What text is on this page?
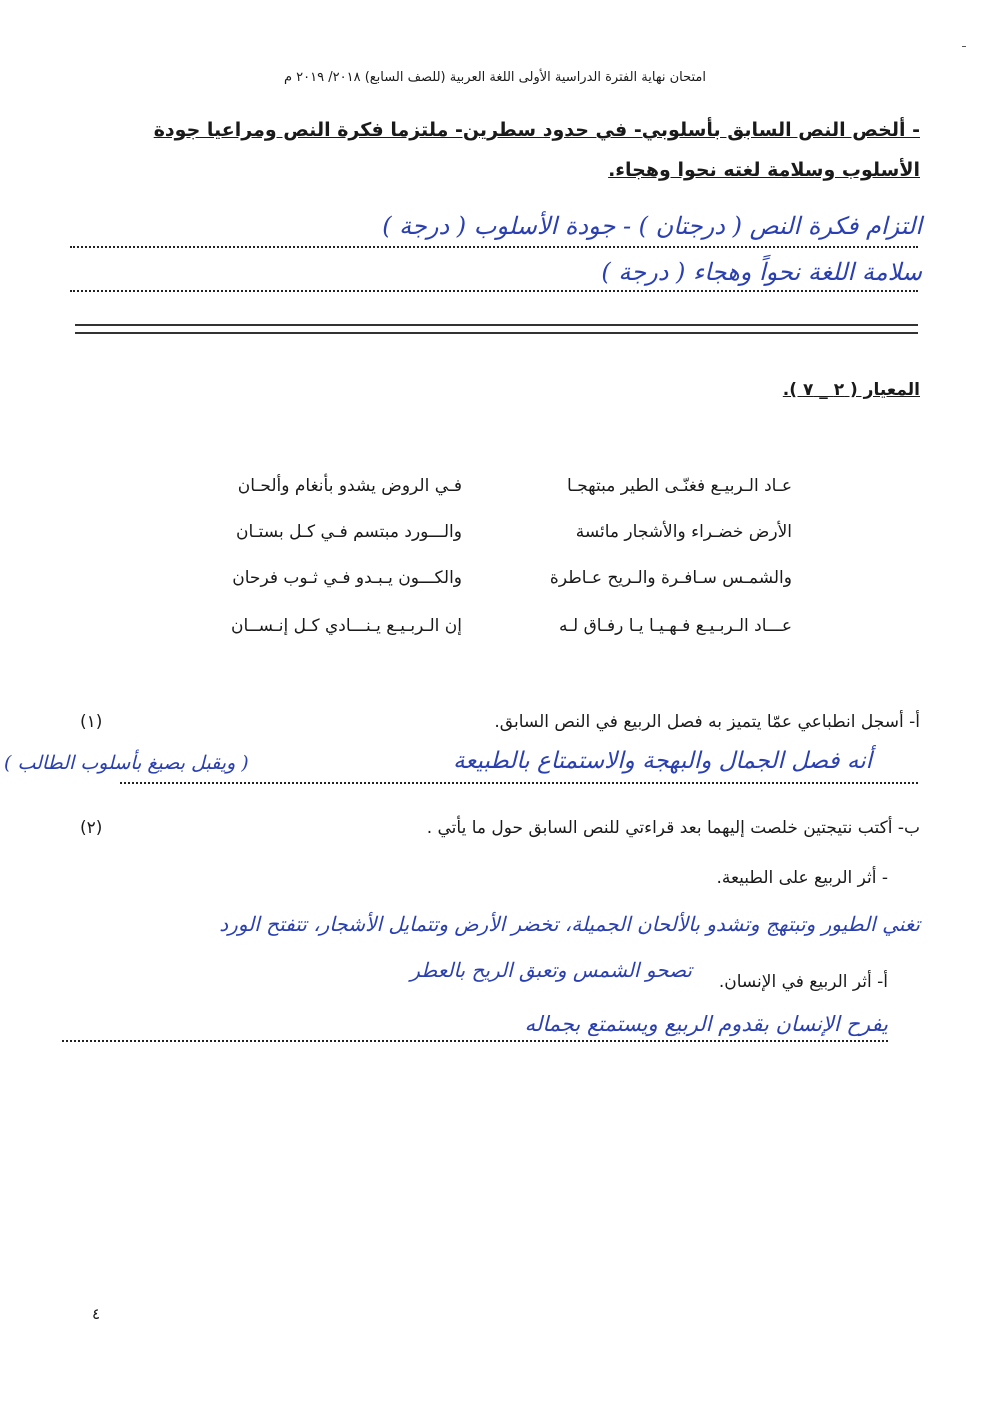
امتحان نهاية الفترة الدراسية الأولى اللغة العربية (للصف السابع) ٢٠١٨/ ٢٠١٩ م
- ألخص النص السابق بأسلوبي- في حدود سطرين- ملتزما فكرة النص ومراعيا جودة الأسلوب وسلامة لغته نحوا وهجاء.
التزام فكرة النص ( درجتان ) - جودة الأسلوب ( درجة )
سلامة اللغة نحواً وهجاء ( درجة )
المعيار ( ٢ _ ٧ ).
عـاد الـربيـع فغنّـى الطير مبتهجـا
فـي الروض يشدو بأنغام وألحـان
الأرض خضـراء والأشجار مائسة
والـــورد مبتسم فـي كـل بستـان
والشمـس سـافـرة والـريح عـاطرة
والكـــون يـبـدو فـي ثـوب فرحان
عـــاد الـربـيـع فـهـيـا يـا رفـاق لـه
إن الـربـيـع يـنـــادي كـل إنـســان
أ- أسجل انطباعي عمّا يتميز به فصل الربيع في النص السابق.
(١)
أنه فصل الجمال والبهجة والاستمتاع بالطبيعة
( ويقبل بصيغ بأسلوب الطالب )
ب- أكتب نتيجتين خلصت إليهما بعد قراءتي للنص السابق حول ما يأتي .
(٢)
- أثر الربيع على الطبيعة.
تغني الطيور وتبتهج وتشدو بالألحان الجميلة، تخضر الأرض وتتمايل الأشجار، تتفتح الورد
أ- أثر الربيع في الإنسان.
تصحو الشمس وتعبق الريح بالعطر
يفرح الإنسان بقدوم الربيع ويستمتع بجماله
٤
